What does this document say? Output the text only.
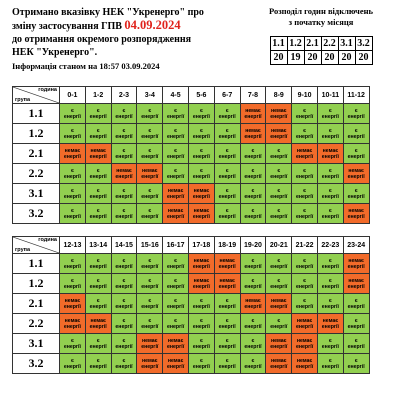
Отримано вказівку НЕК "Укренерго" про
зміну застосування ГПВ 04.09.2024
до отримання окремого розпорядження
НЕК "Укренерго".
Інформація станом на 18:57 03.09.2024
Розподіл годин відключень
з початку місяця
1.1	1.2	2.1	2.2	3.1	3.2
20	19	20	20	20	20
година
група	0-1	1-2	2-3	3-4	4-5	5-6	6-7	7-8	8-9	9-10	10-11	11-12
1.1	є
енергії	є
енергії	є
енергії	є
енергії	є
енергії	є
енергії	є
енергії	немає
енергії	немає
енергії	є
енергії	є
енергії	є
енергії

1.2	є
енергії	є
енергії	є
енергії	є
енергії	є
енергії	є
енергії	є
енергії	немає
енергії	немає
енергії	є
енергії	є
енергії	є
енергії

2.1	немає
енергії	немає
енергії	є
енергії	є
енергії	є
енергії	є
енергії	є
енергії	є
енергії	є
енергії	немає
енергії	немає
енергії	є
енергії

2.2	є
енергії	є
енергії	немає
енергії	немає
енергії	є
енергії	є
енергії	є
енергії	є
енергії	є
енергії	є
енергії	є
енергії	немає
енергії

3.1	є
енергії	є
енергії	є
енергії	є
енергії	немає
енергії	немає
енергії	є
енергії	є
енергії	є
енергії	є
енергії	є
енергії	є
енергії

3.2	є
енергії	є
енергії	є
енергії	є
енергії	немає
енергії	немає
енергії	є
енергії	є
енергії	є
енергії	є
енергії	є
енергії	немає
енергії
година
група	12-13	13-14	14-15	15-16	16-17	17-18	18-19	19-20	20-21	21-22	22-23	23-24
1.1	є
енергії	є
енергії	є
енергії	є
енергії	є
енергії	немає
енергії	немає
енергії	є
енергії	є
енергії	є
енергії	є
енергії	немає
енергії

1.2	є
енергії	є
енергії	є
енергії	є
енергії	є
енергії	немає
енергії	немає
енергії	є
енергії	є
енергії	є
енергії	є
енергії	немає
енергії

2.1	немає
енергії	є
енергії	є
енергії	є
енергії	є
енергії	є
енергії	є
енергії	немає
енергії	немає
енергії	є
енергії	є
енергії	є
енергії

2.2	немає
енергії	немає
енергії	є
енергії	є
енергії	є
енергії	є
енергії	є
енергії	є
енергії	є
енергії	немає
енергії	немає
енергії	є
енергії

3.1	є
енергії	є
енергії	є
енергії	немає
енергії	немає
енергії	є
енергії	є
енергії	є
енергії	немає
енергії	немає
енергії	є
енергії	є
енергії

3.2	є
енергії	є
енергії	є
енергії	немає
енергії	немає
енергії	є
енергії	є
енергії	є
енергії	немає
енергії	немає
енергії	є
енергії	є
енергії
